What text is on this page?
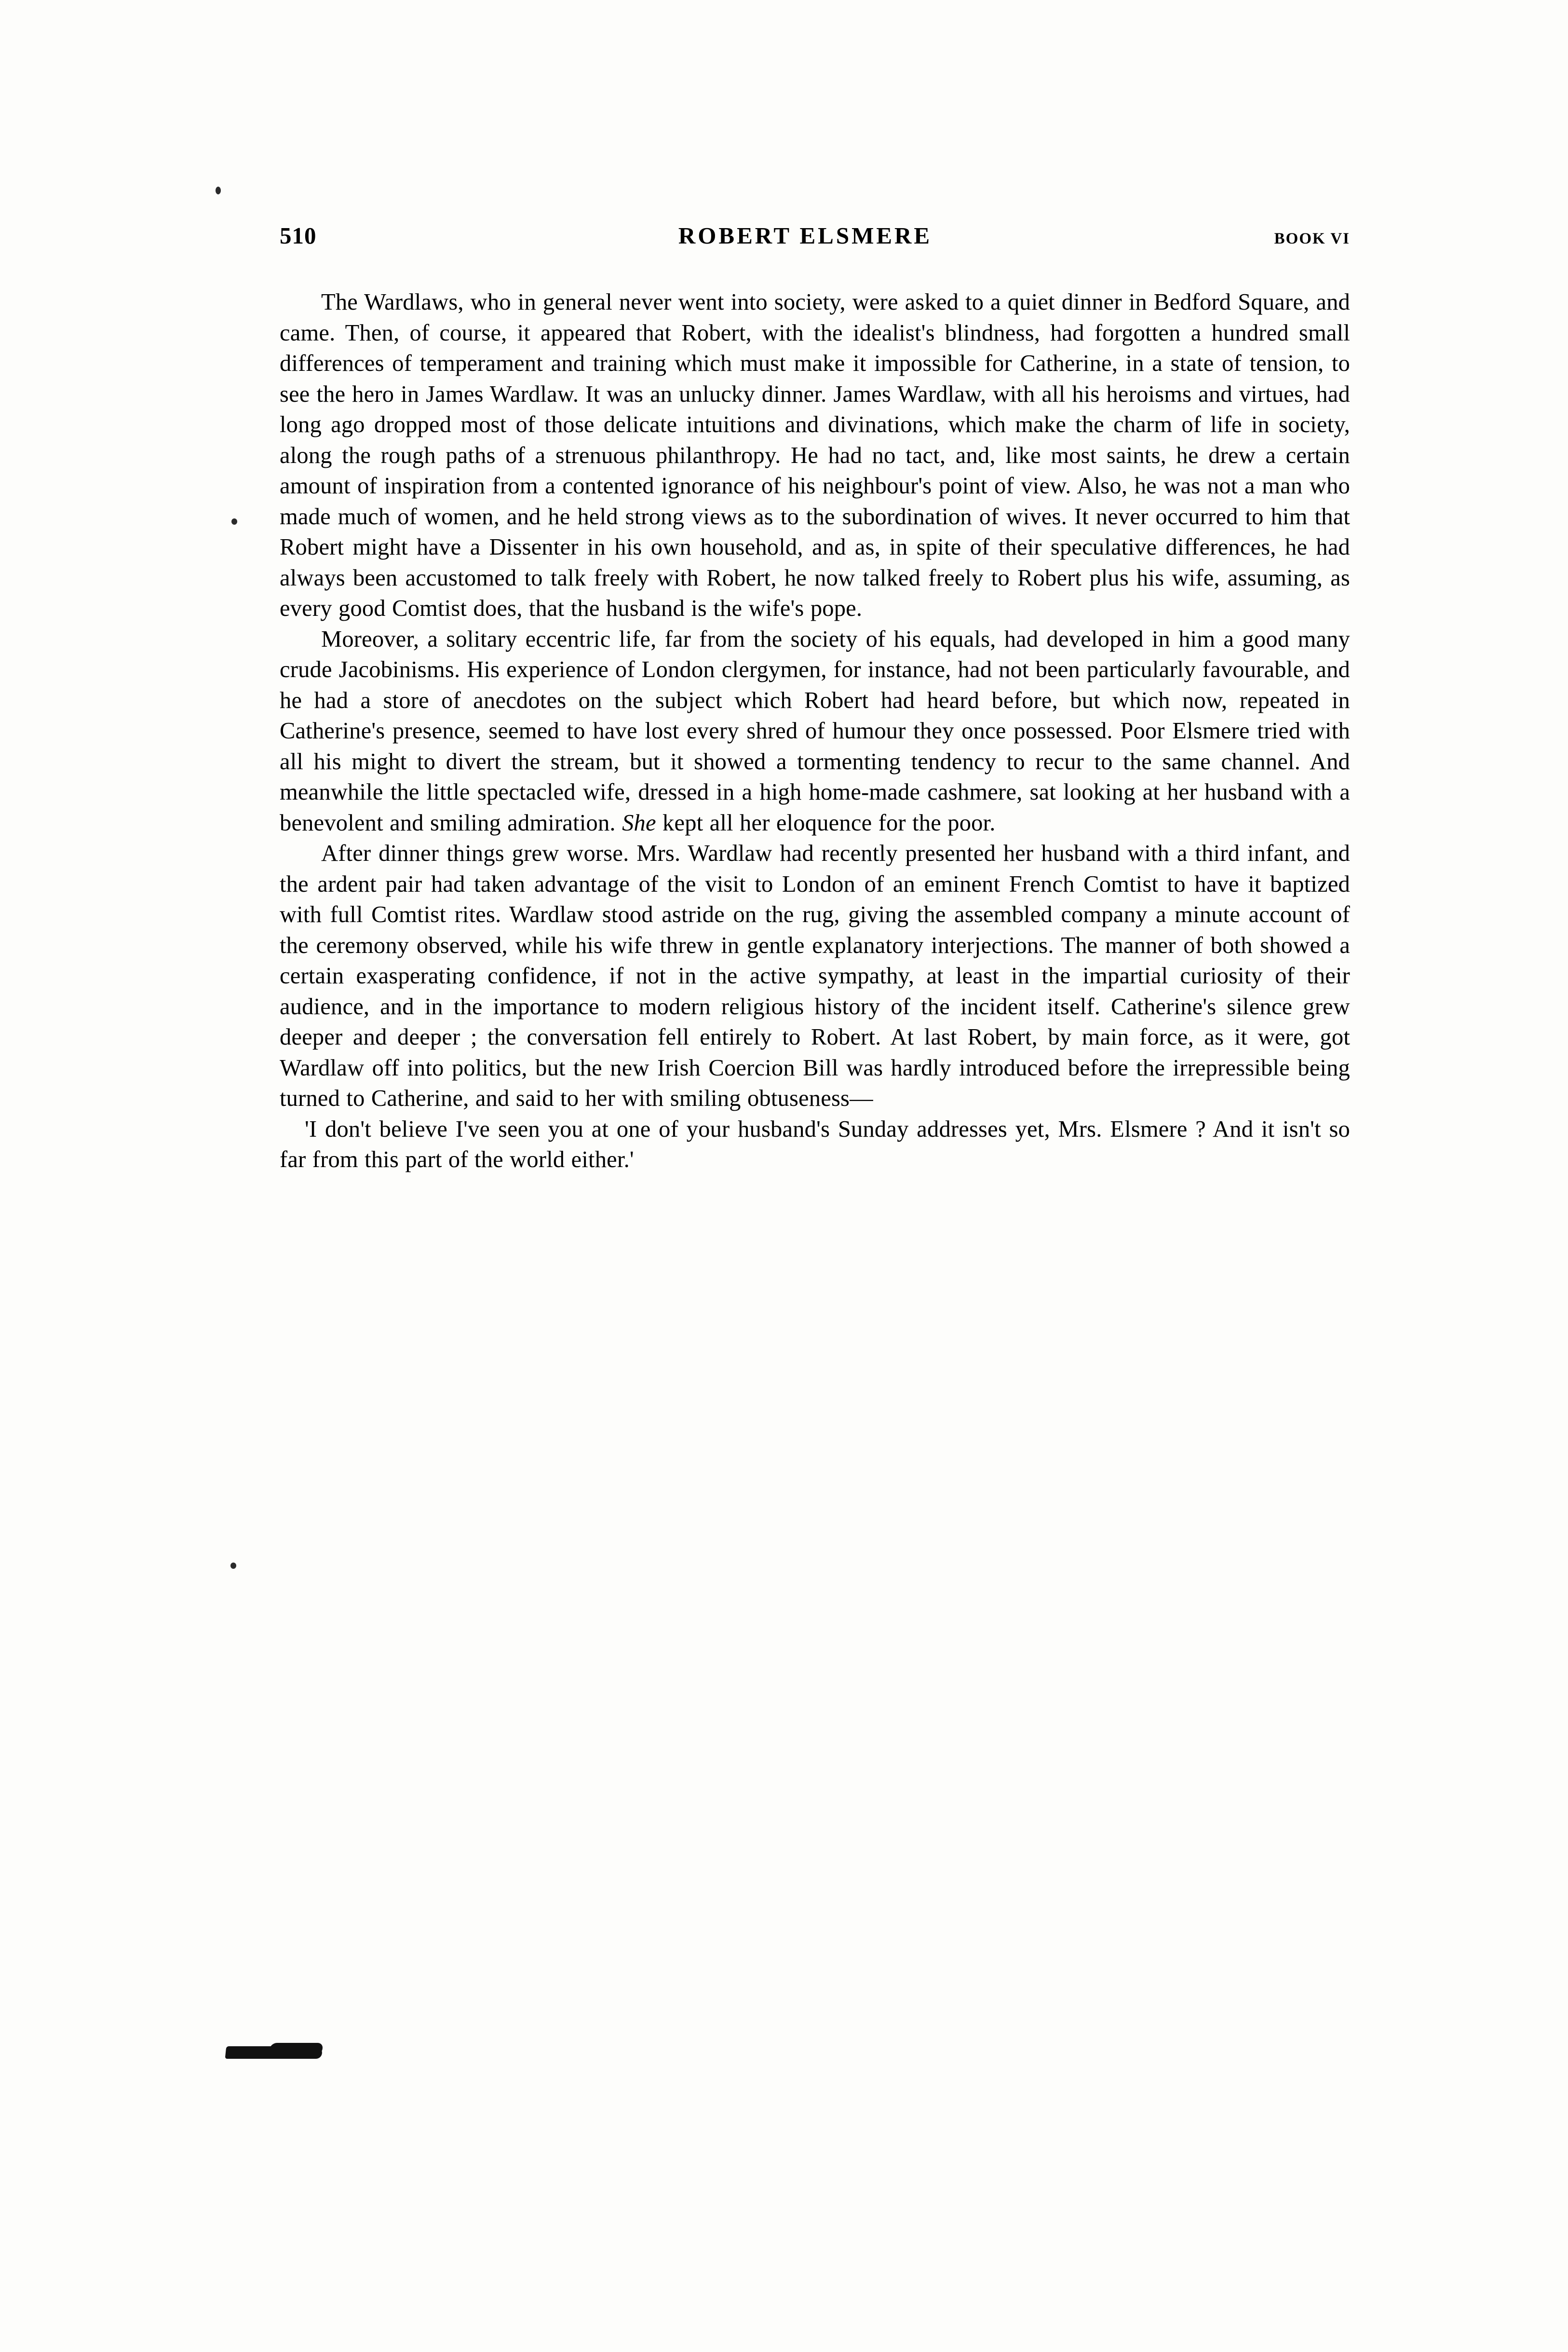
510	ROBERT ELSMERE	BOOK VI

The Wardlaws, who in general never went into society, were asked to a quiet dinner in Bedford Square, and came. Then, of course, it appeared that Robert, with the idealist's blindness, had forgotten a hundred small differences of temperament and training which must make it impossible for Catherine, in a state of tension, to see the hero in James Wardlaw. It was an unlucky dinner. James Wardlaw, with all his heroisms and virtues, had long ago dropped most of those delicate intuitions and divinations, which make the charm of life in society, along the rough paths of a strenuous philanthropy. He had no tact, and, like most saints, he drew a certain amount of inspiration from a contented ignorance of his neighbour's point of view. Also, he was not a man who made much of women, and he held strong views as to the subordination of wives. It never occurred to him that Robert might have a Dissenter in his own household, and as, in spite of their speculative differences, he had always been accustomed to talk freely with Robert, he now talked freely to Robert plus his wife, assuming, as every good Comtist does, that the husband is the wife's pope.

Moreover, a solitary eccentric life, far from the society of his equals, had developed in him a good many crude Jacobinisms. His experience of London clergymen, for instance, had not been particularly favourable, and he had a store of anecdotes on the subject which Robert had heard before, but which now, repeated in Catherine's presence, seemed to have lost every shred of humour they once possessed. Poor Elsmere tried with all his might to divert the stream, but it showed a tormenting tendency to recur to the same channel. And meanwhile the little spectacled wife, dressed in a high home-made cashmere, sat looking at her husband with a benevolent and smiling admiration. She kept all her eloquence for the poor.

After dinner things grew worse. Mrs. Wardlaw had recently presented her husband with a third infant, and the ardent pair had taken advantage of the visit to London of an eminent French Comtist to have it baptized with full Comtist rites. Wardlaw stood astride on the rug, giving the assembled company a minute account of the ceremony observed, while his wife threw in gentle explanatory interjections. The manner of both showed a certain exasperating confidence, if not in the active sympathy, at least in the impartial curiosity of their audience, and in the importance to modern religious history of the incident itself. Catherine's silence grew deeper and deeper ; the conversation fell entirely to Robert. At last Robert, by main force, as it were, got Wardlaw off into politics, but the new Irish Coercion Bill was hardly introduced before the irrepressible being turned to Catherine, and said to her with smiling obtuseness—

'I don't believe I've seen you at one of your husband's Sunday addresses yet, Mrs. Elsmere ? And it isn't so far from this part of the world either.'
